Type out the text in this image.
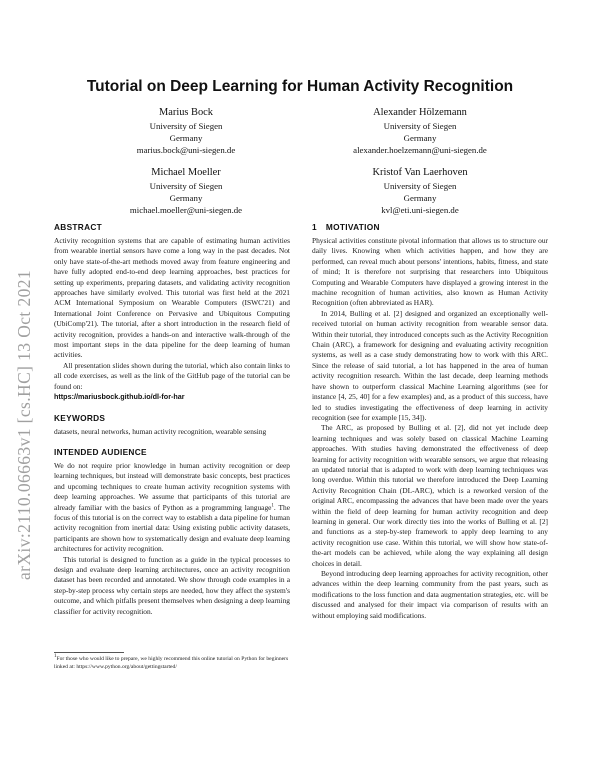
arXiv:2110.06663v1 [cs.HC] 13 Oct 2021
Tutorial on Deep Learning for Human Activity Recognition
Marius Bock
University of Siegen
Germany
marius.bock@uni-siegen.de
Alexander Hölzemann
University of Siegen
Germany
alexander.hoelzemann@uni-siegen.de
Michael Moeller
University of Siegen
Germany
michael.moeller@uni-siegen.de
Kristof Van Laerhoven
University of Siegen
Germany
kvl@eti.uni-siegen.de
ABSTRACT

Activity recognition systems that are capable of estimating human activities from wearable inertial sensors have come a long way in the past decades. Not only have state-of-the-art methods moved away from feature engineering and have fully adopted end-to-end deep learning approaches, best practices for setting up experiments, preparing datasets, and validating activity recognition approaches have similarly evolved. This tutorial was first held at the 2021 ACM International Symposium on Wearable Computers (ISWC'21) and International Joint Conference on Pervasive and Ubiquitous Computing (UbiComp'21). The tutorial, after a short introduction in the research field of activity recognition, provides a hands-on and interactive walk-through of the most important steps in the data pipeline for the deep learning of human activities.

All presentation slides shown during the tutorial, which also contain links to all code exercises, as well as the link of the GitHub page of the tutorial can be found on:

https://mariusbock.github.io/dl-for-har
KEYWORDS

datasets, neural networks, human activity recognition, wearable sensing

INTENDED AUDIENCE

We do not require prior knowledge in human activity recognition or deep learning techniques, but instead will demonstrate basic concepts, best practices and upcoming techniques to create human activity recognition systems with deep learning approaches. We assume that participants of this tutorial are already familiar with the basics of Python as a programming language$^1$. The focus of this tutorial is on the correct way to establish a data pipeline for human activity recognition from inertial data: Using existing public activity datasets, participants are shown how to systematically design and evaluate deep learning architectures for activity recognition.

This tutorial is designed to function as a guide in the typical processes to design and evaluate deep learning architectures, once an activity recognition dataset has been recorded and annotated. We show through code examples in a step-by-step process why certain steps are needed, how they affect the system's outcome, and which pitfalls present themselves when designing a deep learning classifier for activity recognition.

1For those who would like to prepare, we highly recommend this online tutorial on Python for beginners linked at: https://www.python.org/about/gettingstarted/
1 MOTIVATION

Physical activities constitute pivotal information that allows us to structure our daily lives. Knowing when which activities happen, and how they are performed, can reveal much about persons' intentions, habits, fitness, and state of mind; It is therefore not surprising that researchers into Ubiquitous Computing and Wearable Computers have displayed a growing interest in the machine recognition of human activities, also known as Human Activity Recognition (often abbreviated as HAR).

In 2014, Bulling et al. [2] designed and organized an exceptionally well-received tutorial on human activity recognition from wearable sensor data. Within their tutorial, they introduced concepts such as the Activity Recognition Chain (ARC), a framework for designing and evaluating activity recognition systems, as well as a case study demonstrating how to work with this ARC. Since the release of said tutorial, a lot has happened in the area of human activity recognition research. Within the last decade, deep learning methods have shown to outperform classical Machine Learning algorithms (see for instance [4, 25, 40] for a few examples) and, as a product of this success, have led to studies investigating the effectiveness of deep learning in activity recognition (see for example [15, 34]).

The ARC, as proposed by Bulling et al. [2], did not yet include deep learning techniques and was solely based on classical Machine Learning approaches. With studies having demonstrated the effectiveness of deep learning for activity recognition with wearable sensors, we argue that releasing an updated tutorial that is adapted to work with deep learning techniques was long overdue. Within this tutorial we therefore introduced the Deep Learning Activity Recognition Chain (DL-ARC), which is a reworked version of the original ARC, encompassing the advances that have been made over the years within the field of deep learning for human activity recognition and deep learning in general. Our work directly ties into the works of Bulling et al. [2] and functions as a step-by-step framework to apply deep learning to any activity recognition use case. Within this tutorial, we will show how state-of-the-art models can be achieved, while along the way explaining all design choices in detail.

Beyond introducing deep learning approaches for activity recognition, other advances within the deep learning community from the past years, such as modifications to the loss function and data augmentation strategies, etc. will be discussed and analysed for their impact via comparison of results with an without employing said modifications.
